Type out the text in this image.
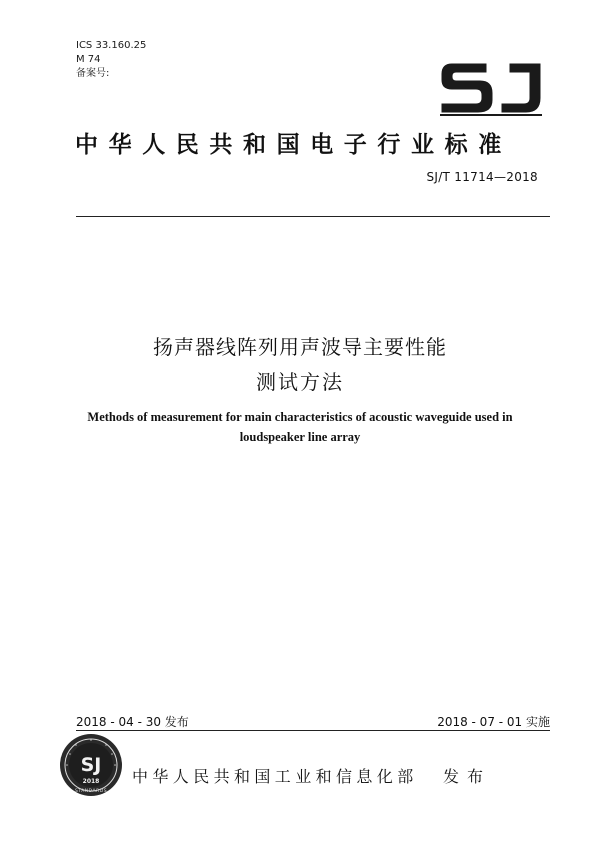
ICS 33.160.25
M 74
备案号:
中华人民共和国电子行业标准
SJ/T 11714—2018
扬声器线阵列用声波导主要性能
测试方法
Methods of measurement for main characteristics of acoustic waveguide used in
loudspeaker line array
2018 - 04 - 30 发布	2018 - 07 - 01 实施
SJ
2018
STANDARDS
中华人民共和国工业和信息化部 发布
